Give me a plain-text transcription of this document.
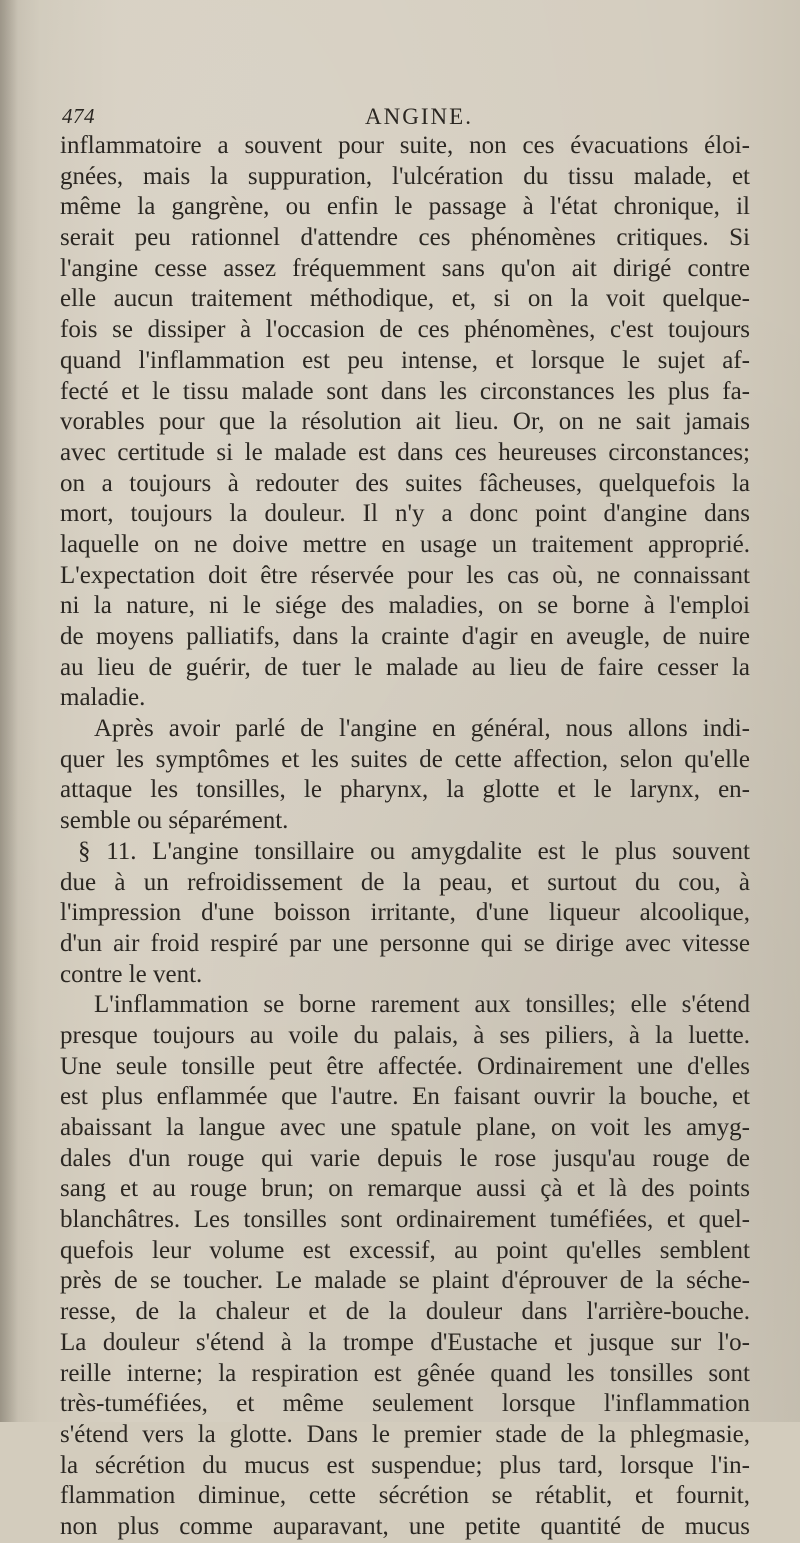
474	ANGINE.
inflammatoire a souvent pour suite, non ces évacuations éloi-
gnées, mais la suppuration, l'ulcération du tissu malade, et
même la gangrène, ou enfin le passage à l'état chronique, il
serait peu rationnel d'attendre ces phénomènes critiques. Si
l'angine cesse assez fréquemment sans qu'on ait dirigé contre
elle aucun traitement méthodique, et, si on la voit quelque-
fois se dissiper à l'occasion de ces phénomènes, c'est toujours
quand l'inflammation est peu intense, et lorsque le sujet af-
fecté et le tissu malade sont dans les circonstances les plus fa-
vorables pour que la résolution ait lieu. Or, on ne sait jamais
avec certitude si le malade est dans ces heureuses circonstances;
on a toujours à redouter des suites fâcheuses, quelquefois la
mort, toujours la douleur. Il n'y a donc point d'angine dans
laquelle on ne doive mettre en usage un traitement approprié.
L'expectation doit être réservée pour les cas où, ne connaissant
ni la nature, ni le siége des maladies, on se borne à l'emploi
de moyens palliatifs, dans la crainte d'agir en aveugle, de nuire
au lieu de guérir, de tuer le malade au lieu de faire cesser la
maladie.
Après avoir parlé de l'angine en général, nous allons indi-
quer les symptômes et les suites de cette affection, selon qu'elle
attaque les tonsilles, le pharynx, la glotte et le larynx, en-
semble ou séparément.
§ 11. L'angine tonsillaire ou amygdalite est le plus souvent
due à un refroidissement de la peau, et surtout du cou, à
l'impression d'une boisson irritante, d'une liqueur alcoolique,
d'un air froid respiré par une personne qui se dirige avec vitesse
contre le vent.
L'inflammation se borne rarement aux tonsilles; elle s'étend
presque toujours au voile du palais, à ses piliers, à la luette.
Une seule tonsille peut être affectée. Ordinairement une d'elles
est plus enflammée que l'autre. En faisant ouvrir la bouche, et
abaissant la langue avec une spatule plane, on voit les amyg-
dales d'un rouge qui varie depuis le rose jusqu'au rouge de
sang et au rouge brun; on remarque aussi çà et là des points
blanchâtres. Les tonsilles sont ordinairement tuméfiées, et quel-
quefois leur volume est excessif, au point qu'elles semblent
près de se toucher. Le malade se plaint d'éprouver de la séche-
resse, de la chaleur et de la douleur dans l'arrière-bouche.
La douleur s'étend à la trompe d'Eustache et jusque sur l'o-
reille interne; la respiration est gênée quand les tonsilles sont
très-tuméfiées, et même seulement lorsque l'inflammation
s'étend vers la glotte. Dans le premier stade de la phlegmasie,
la sécrétion du mucus est suspendue; plus tard, lorsque l'in-
flammation diminue, cette sécrétion se rétablit, et fournit,
non plus comme auparavant, une petite quantité de mucus
